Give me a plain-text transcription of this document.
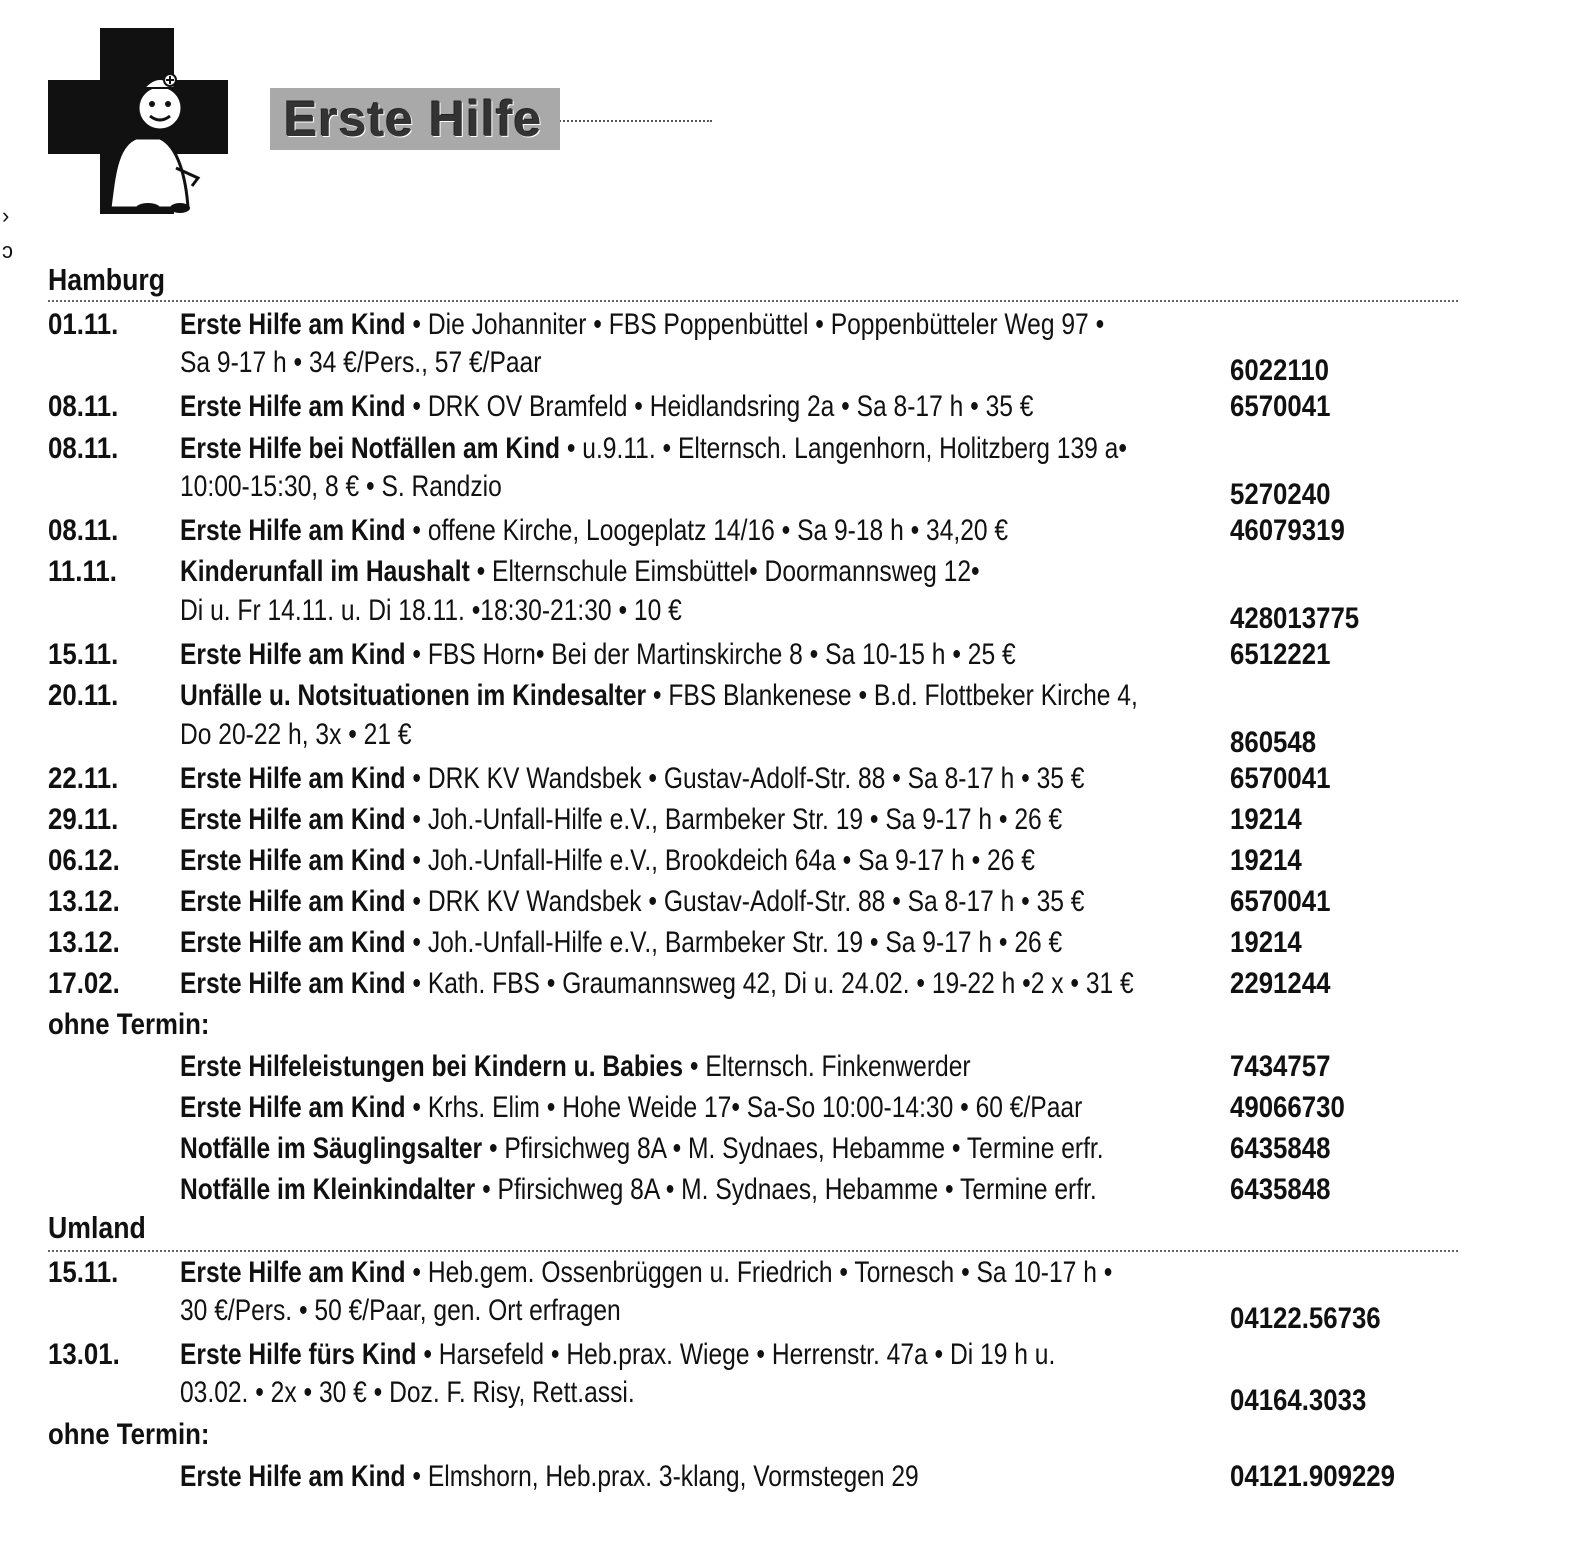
Erste Hilfe
›
ↄ
Hamburg
01.11. Erste Hilfe am Kind • Die Johanniter • FBS Poppenbüttel • Poppenbütteler Weg 97 •
Sa 9-17 h • 34 €/Pers., 57 €/Paar	6022110
08.11. Erste Hilfe am Kind • DRK OV Bramfeld • Heidlandsring 2a • Sa 8-17 h • 35 €	6570041
08.11. Erste Hilfe bei Notfällen am Kind • u.9.11. • Elternsch. Langenhorn, Holitzberg 139 a•
10:00-15:30, 8 € • S. Randzio	5270240
08.11. Erste Hilfe am Kind • offene Kirche, Loogeplatz 14/16 • Sa 9-18 h • 34,20 €	46079319
11.11. Kinderunfall im Haushalt • Elternschule Eimsbüttel• Doormannsweg 12•
Di u. Fr 14.11. u. Di 18.11. •18:30-21:30 • 10 €	428013775
15.11. Erste Hilfe am Kind • FBS Horn• Bei der Martinskirche 8 • Sa 10-15 h • 25 €	6512221
20.11. Unfälle u. Notsituationen im Kindesalter • FBS Blankenese • B.d. Flottbeker Kirche 4,
Do 20-22 h, 3x • 21 €	860548
22.11. Erste Hilfe am Kind • DRK KV Wandsbek • Gustav-Adolf-Str. 88 • Sa 8-17 h • 35 €	6570041
29.11. Erste Hilfe am Kind • Joh.-Unfall-Hilfe e.V., Barmbeker Str. 19 • Sa 9-17 h • 26 €	19214
06.12. Erste Hilfe am Kind • Joh.-Unfall-Hilfe e.V., Brookdeich 64a • Sa 9-17 h • 26 €	19214
13.12. Erste Hilfe am Kind • DRK KV Wandsbek • Gustav-Adolf-Str. 88 • Sa 8-17 h • 35 €	6570041
13.12. Erste Hilfe am Kind • Joh.-Unfall-Hilfe e.V., Barmbeker Str. 19 • Sa 9-17 h • 26 €	19214
17.02. Erste Hilfe am Kind • Kath. FBS • Graumannsweg 42, Di u. 24.02. • 19-22 h •2 x • 31 €	2291244
ohne Termin:
Erste Hilfeleistungen bei Kindern u. Babies • Elternsch. Finkenwerder	7434757
Erste Hilfe am Kind • Krhs. Elim • Hohe Weide 17• Sa-So 10:00-14:30 • 60 €/Paar	49066730
Notfälle im Säuglingsalter • Pfirsichweg 8A • M. Sydnaes, Hebamme • Termine erfr.	6435848
Notfälle im Kleinkindalter • Pfirsichweg 8A • M. Sydnaes, Hebamme • Termine erfr.	6435848
Umland
15.11. Erste Hilfe am Kind • Heb.gem. Ossenbrüggen u. Friedrich • Tornesch • Sa 10-17 h •
30 €/Pers. • 50 €/Paar, gen. Ort erfragen	04122.56736
13.01. Erste Hilfe fürs Kind • Harsefeld • Heb.prax. Wiege • Herrenstr. 47a • Di 19 h u.
03.02. • 2x • 30 € • Doz. F. Risy, Rett.assi.	04164.3033
ohne Termin:
Erste Hilfe am Kind • Elmshorn, Heb.prax. 3-klang, Vormstegen 29	04121.909229
